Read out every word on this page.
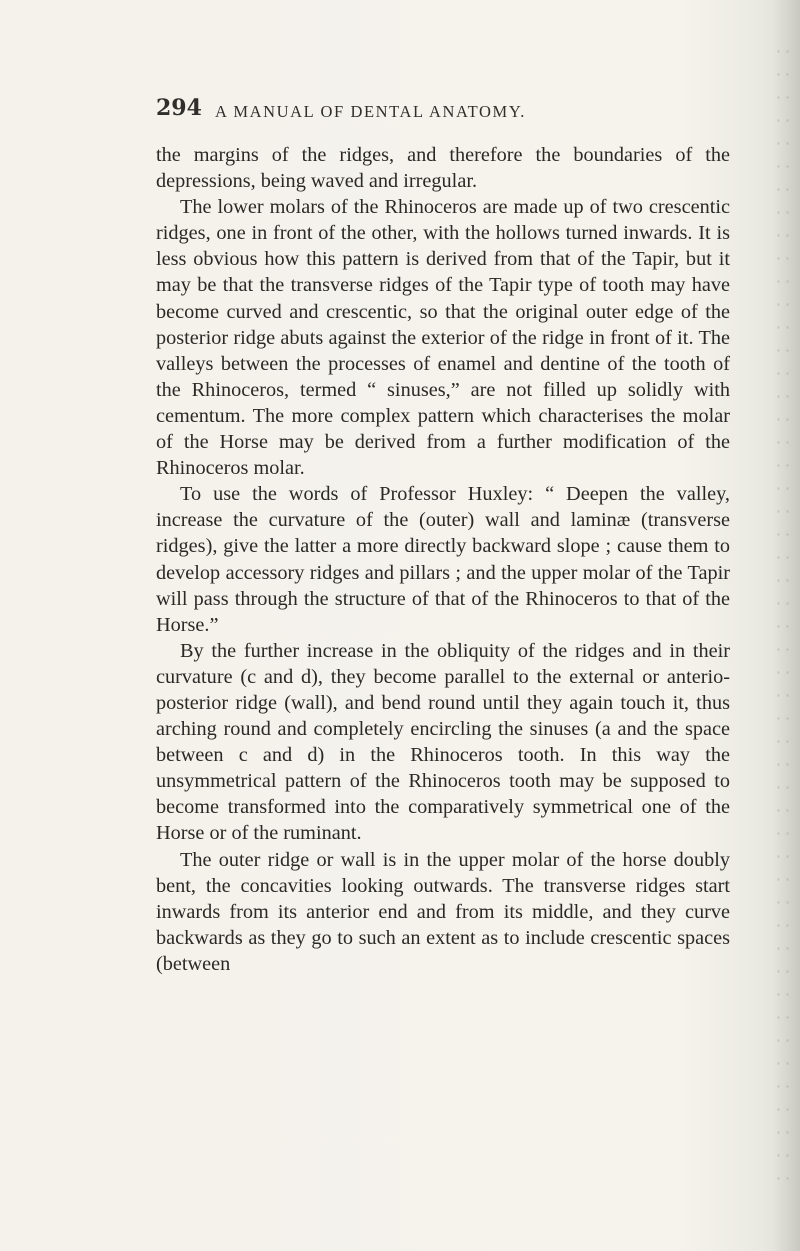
294 A MANUAL OF DENTAL ANATOMY.

the margins of the ridges, and therefore the boundaries of the depressions, being waved and irregular.

The lower molars of the Rhinoceros are made up of two crescentic ridges, one in front of the other, with the hollows turned inwards. It is less obvious how this pattern is derived from that of the Tapir, but it may be that the transverse ridges of the Tapir type of tooth may have become curved and crescentic, so that the original outer edge of the posterior ridge abuts against the exterior of the ridge in front of it. The valleys between the processes of enamel and dentine of the tooth of the Rhinoceros, termed “ sinuses,” are not filled up solidly with cementum. The more complex pattern which characterises the molar of the Horse may be derived from a further modification of the Rhinoceros molar.

To use the words of Professor Huxley: “ Deepen the valley, increase the curvature of the (outer) wall and laminæ (transverse ridges), give the latter a more directly backward slope ; cause them to develop accessory ridges and pillars ; and the upper molar of the Tapir will pass through the structure of that of the Rhinoceros to that of the Horse.”

By the further increase in the obliquity of the ridges and in their curvature (c and d), they become parallel to the external or anterio-posterior ridge (wall), and bend round until they again touch it, thus arching round and completely encircling the sinuses (a and the space between c and d) in the Rhinoceros tooth. In this way the unsymmetrical pattern of the Rhinoceros tooth may be supposed to become transformed into the comparatively symmetrical one of the Horse or of the ruminant.

The outer ridge or wall is in the upper molar of the horse doubly bent, the concavities looking outwards. The transverse ridges start inwards from its anterior end and from its middle, and they curve backwards as they go to such an extent as to include crescentic spaces (between
